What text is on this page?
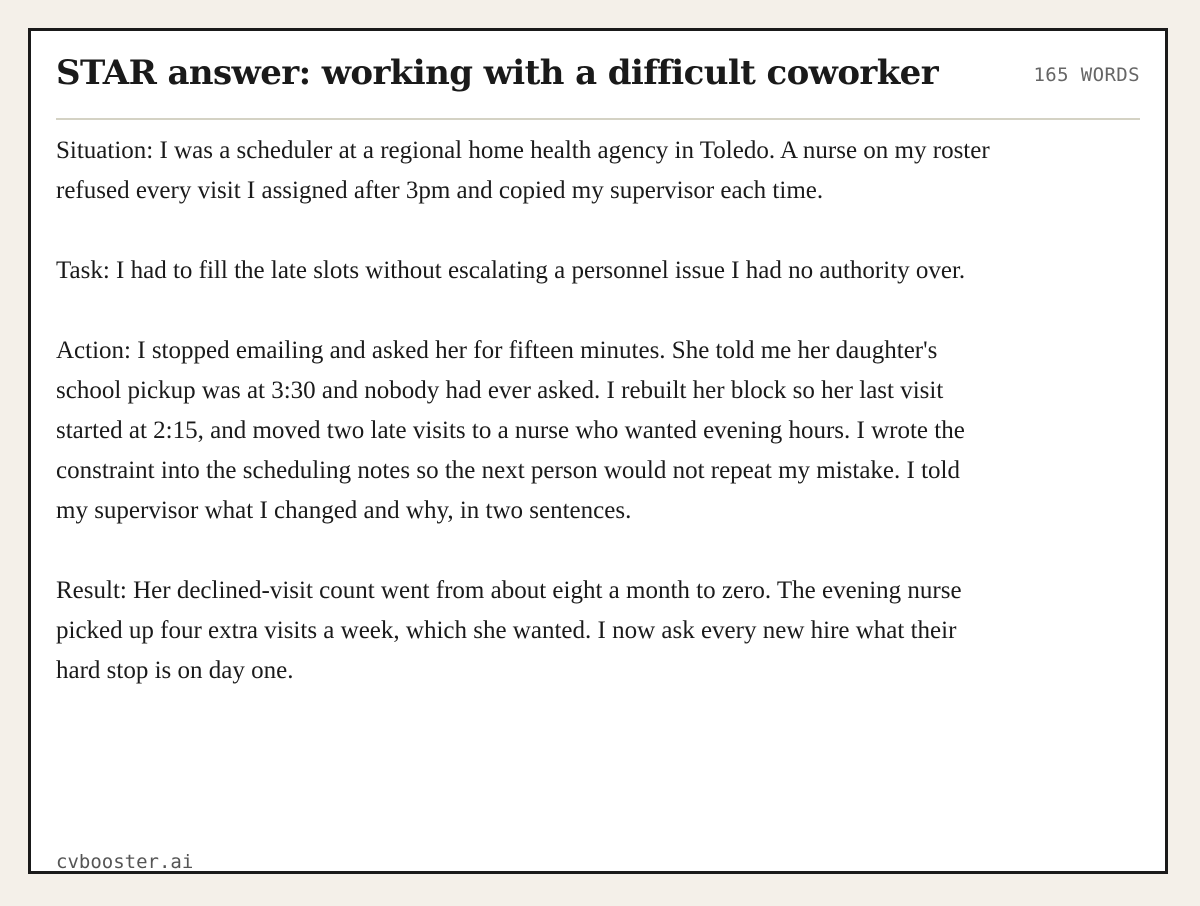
STAR answer: working with a difficult coworker	165 WORDS

Situation: I was a scheduler at a regional home health agency in Toledo. A nurse on my roster refused every visit I assigned after 3pm and copied my supervisor each time.

Task: I had to fill the late slots without escalating a personnel issue I had no authority over.

Action: I stopped emailing and asked her for fifteen minutes. She told me her daughter's school pickup was at 3:30 and nobody had ever asked. I rebuilt her block so her last visit started at 2:15, and moved two late visits to a nurse who wanted evening hours. I wrote the constraint into the scheduling notes so the next person would not repeat my mistake. I told my supervisor what I changed and why, in two sentences.

Result: Her declined-visit count went from about eight a month to zero. The evening nurse picked up four extra visits a week, which she wanted. I now ask every new hire what their hard stop is on day one.

cvbooster.ai
